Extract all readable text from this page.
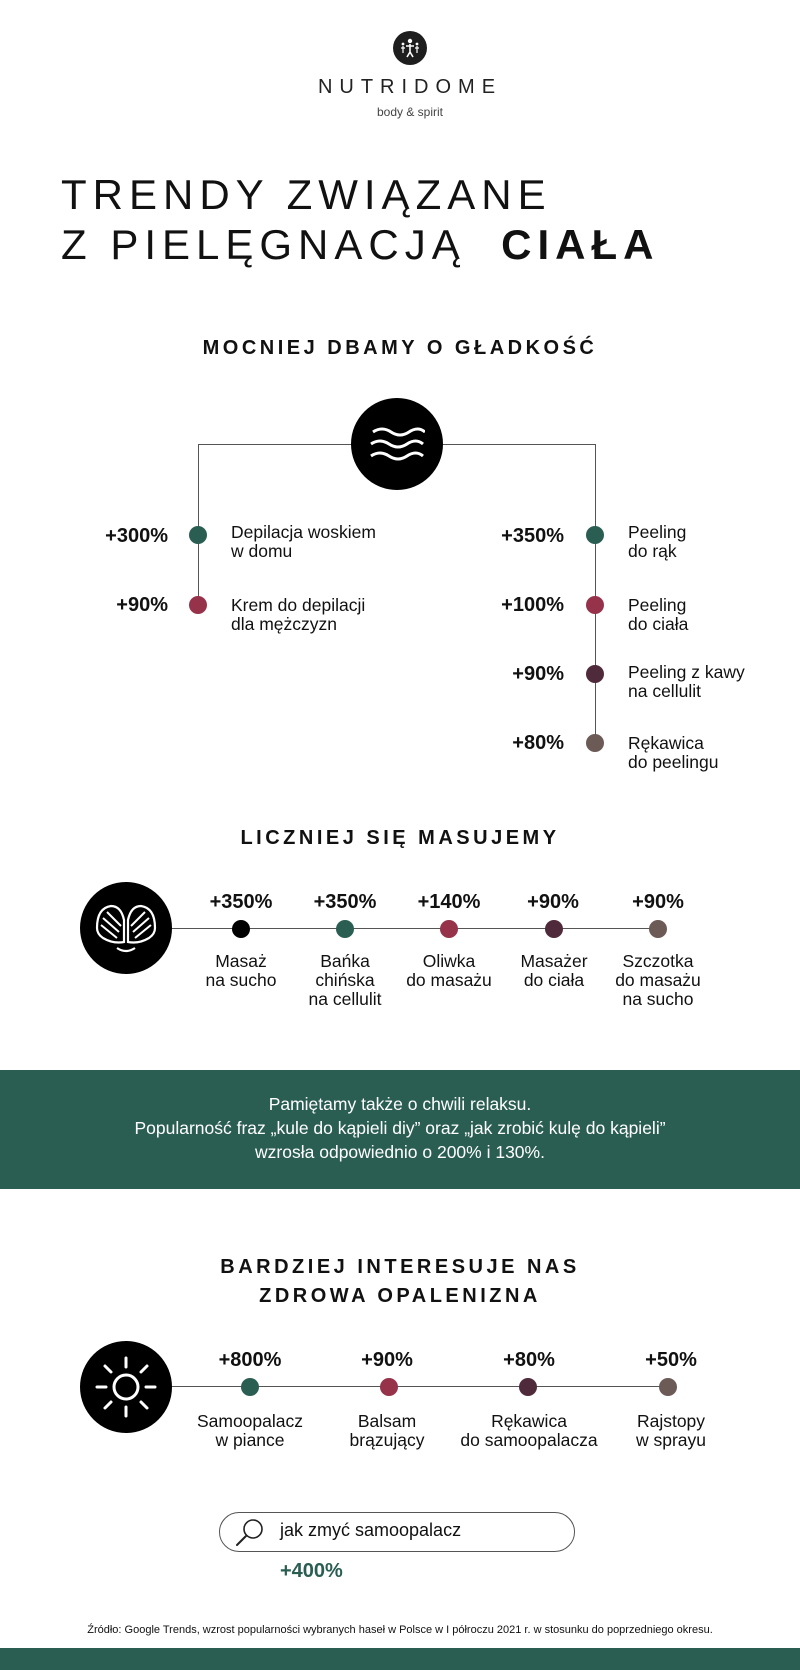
NUTRIDOME
body & spirit
TRENDY ZWIĄZANE
Z PIELĘGNACJĄ CIAŁA
MOCNIEJ DBAMY O GŁADKOŚĆ
+300%	Depilacja woskiem
w domu
+90%	Krem do depilacji
dla mężczyzn
+350%	Peeling
do rąk
+100%	Peeling
do ciała
+90%	Peeling z kawy
na cellulit
+80%	Rękawica
do peelingu
LICZNIEJ SIĘ MASUJEMY
+350%
Masaż
na sucho
+350%
Bańka
chińska
na cellulit
+140%
Oliwka
do masażu
+90%
Masażer
do ciała
+90%
Szczotka
do masażu
na sucho
Pamiętamy także o chwili relaksu.
Popularność fraz „kule do kąpieli diy” oraz „jak zrobić kulę do kąpieli”
wzrosła odpowiednio o 200% i 130%.
BARDZIEJ INTERESUJE NAS
ZDROWA OPALENIZNA
+800%
Samoopalacz
w piance
+90%
Balsam
brązujący
+80%
Rękawica
do samoopalacza
+50%
Rajstopy
w sprayu
jak zmyć samoopalacz
+400%
Źródło: Google Trends, wzrost popularności wybranych haseł w Polsce w I półroczu 2021 r. w stosunku do poprzedniego okresu.
